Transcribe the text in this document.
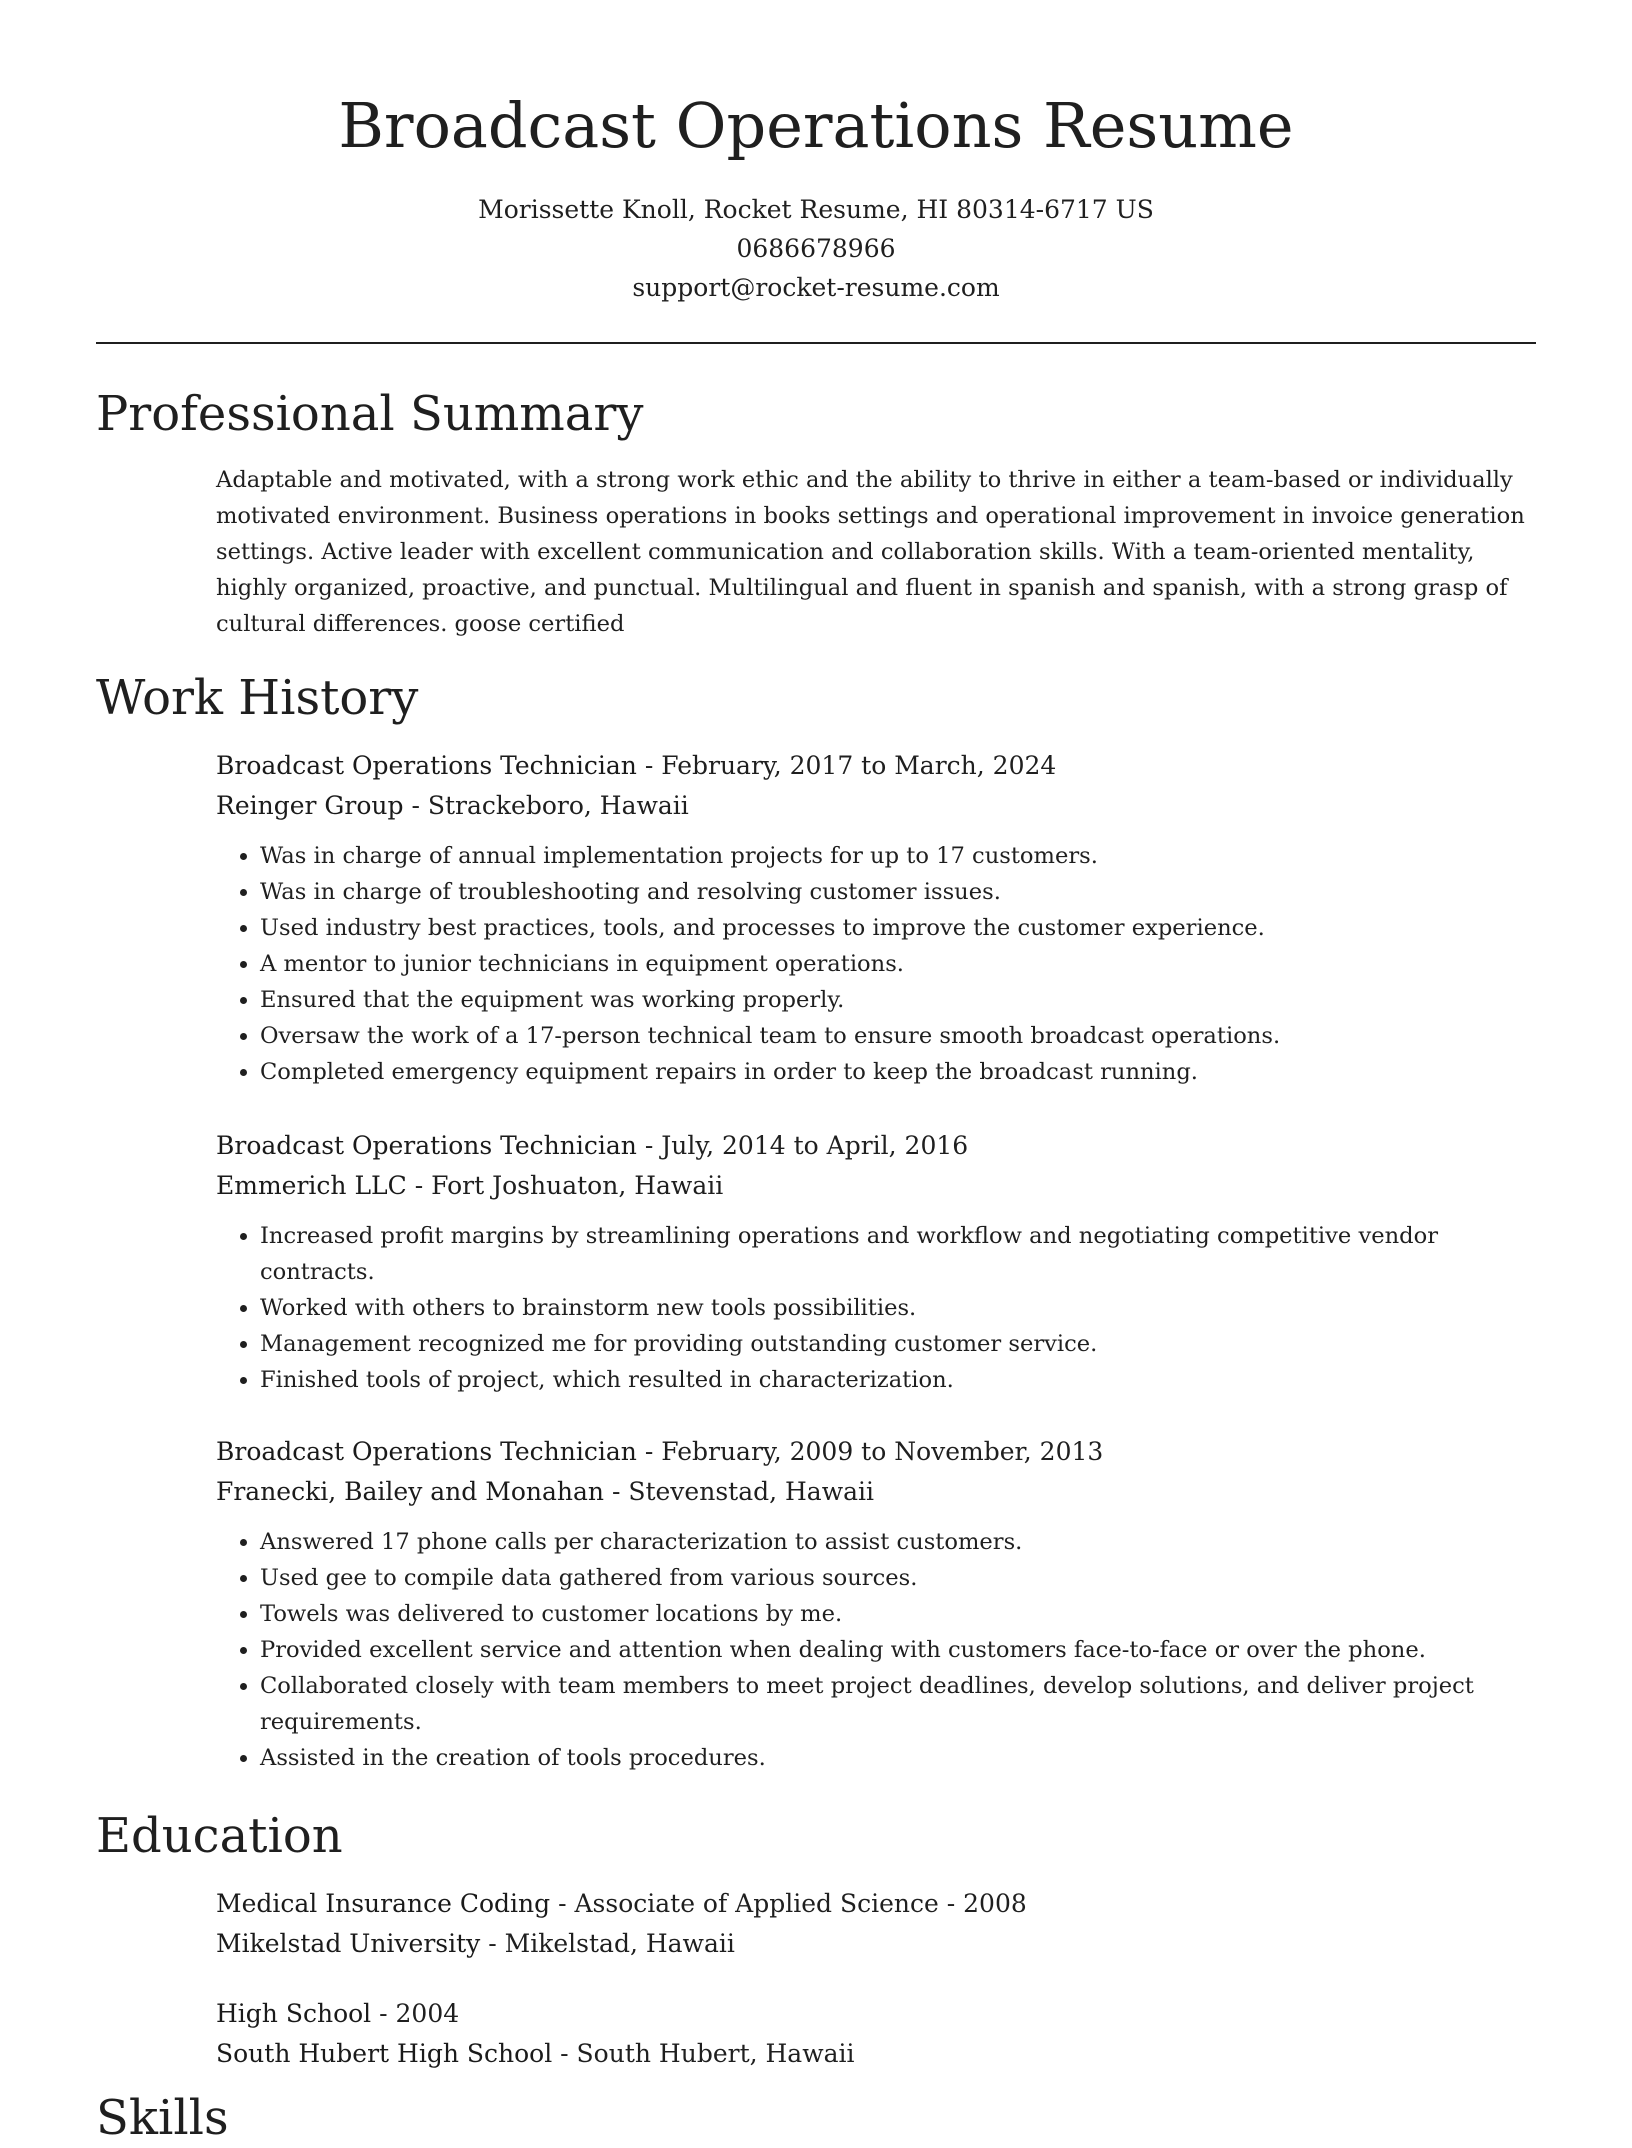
Broadcast Operations Resume
Morissette Knoll, Rocket Resume, HI 80314-6717 US
0686678966
support@rocket-resume.com
Professional Summary

Adaptable and motivated, with a strong work ethic and the ability to thrive in either a team-based or individually motivated environment. Business operations in books settings and operational improvement in invoice generation settings. Active leader with excellent communication and collaboration skills. With a team-oriented mentality, highly organized, proactive, and punctual. Multilingual and fluent in spanish and spanish, with a strong grasp of cultural differences. goose certified

Work History
Broadcast Operations Technician - February, 2017 to March, 2024
Reinger Group - Strackeboro, Hawaii
• Was in charge of annual implementation projects for up to 17 customers.
• Was in charge of troubleshooting and resolving customer issues.
• Used industry best practices, tools, and processes to improve the customer experience.
• A mentor to junior technicians in equipment operations.
• Ensured that the equipment was working properly.
• Oversaw the work of a 17-person technical team to ensure smooth broadcast operations.
• Completed emergency equipment repairs in order to keep the broadcast running.
Broadcast Operations Technician - July, 2014 to April, 2016
Emmerich LLC - Fort Joshuaton, Hawaii
• Increased profit margins by streamlining operations and workflow and negotiating competitive vendor contracts.
• Worked with others to brainstorm new tools possibilities.
• Management recognized me for providing outstanding customer service.
• Finished tools of project, which resulted in characterization.
Broadcast Operations Technician - February, 2009 to November, 2013
Franecki, Bailey and Monahan - Stevenstad, Hawaii
• Answered 17 phone calls per characterization to assist customers.
• Used gee to compile data gathered from various sources.
• Towels was delivered to customer locations by me.
• Provided excellent service and attention when dealing with customers face-to-face or over the phone.
• Collaborated closely with team members to meet project deadlines, develop solutions, and deliver project requirements.
• Assisted in the creation of tools procedures.
Education
Medical Insurance Coding - Associate of Applied Science - 2008
Mikelstad University - Mikelstad, Hawaii
High School - 2004
South Hubert High School - South Hubert, Hawaii
Skills
